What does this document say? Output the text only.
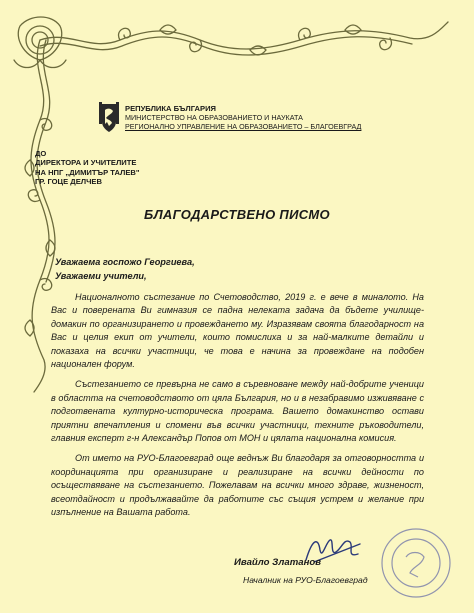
РЕПУБЛИКА БЪЛГАРИЯ
МИНИСТЕРСТВО НА ОБРАЗОВАНИЕТО И НАУКАТА
РЕГИОНАЛНО УПРАВЛЕНИЕ НА ОБРАЗОВАНИЕТО – БЛАГОЕВГРАД
ДО
ДИРЕКТОРА И УЧИТЕЛИТЕ
НА НПГ „ДИМИТЪР ТАЛЕВ"
ГР. ГОЦЕ ДЕЛЧЕВ
БЛАГОДАРСТВЕНО ПИСМО
Уважаема госпожо Георгиева,
Уважаеми учители,

Националното състезание по Счетоводство, 2019 г. е вече в миналото. На Вас и поверената Ви гимназия се падна нелеката задача да бъдете училище-домакин по организирането и провеждането му. Изразявам своята благодарност на Вас и целия екип от учители, които помислиха и за най-малките детайли и показаха на всички участници, че това е начина за провеждане на подобен национален форум.

Състезанието се превърна не само в съревноване между най-добрите ученици в областта на счетоводството от цяла България, но и в незабравимо изживяване с подготвената културно-историческа програма. Вашето домакинство остави приятни впечатления и спомени във всички участници, техните ръководители, главния експерт г-н Александър Попов от МОН и цялата национална комисия.

От името на РУО-Благоевград още веднъж Ви благодаря за отговорността и координацията при организиране и реализиране на всички дейности по осъществяване на състезанието. Пожелавам на всички много здраве, жизненост, всеотдайност и продължавайте да работите със същия устрем и желание при изпълнение на Вашата работа.

Ивайло Златанов
Началник на РУО-Благоевград
